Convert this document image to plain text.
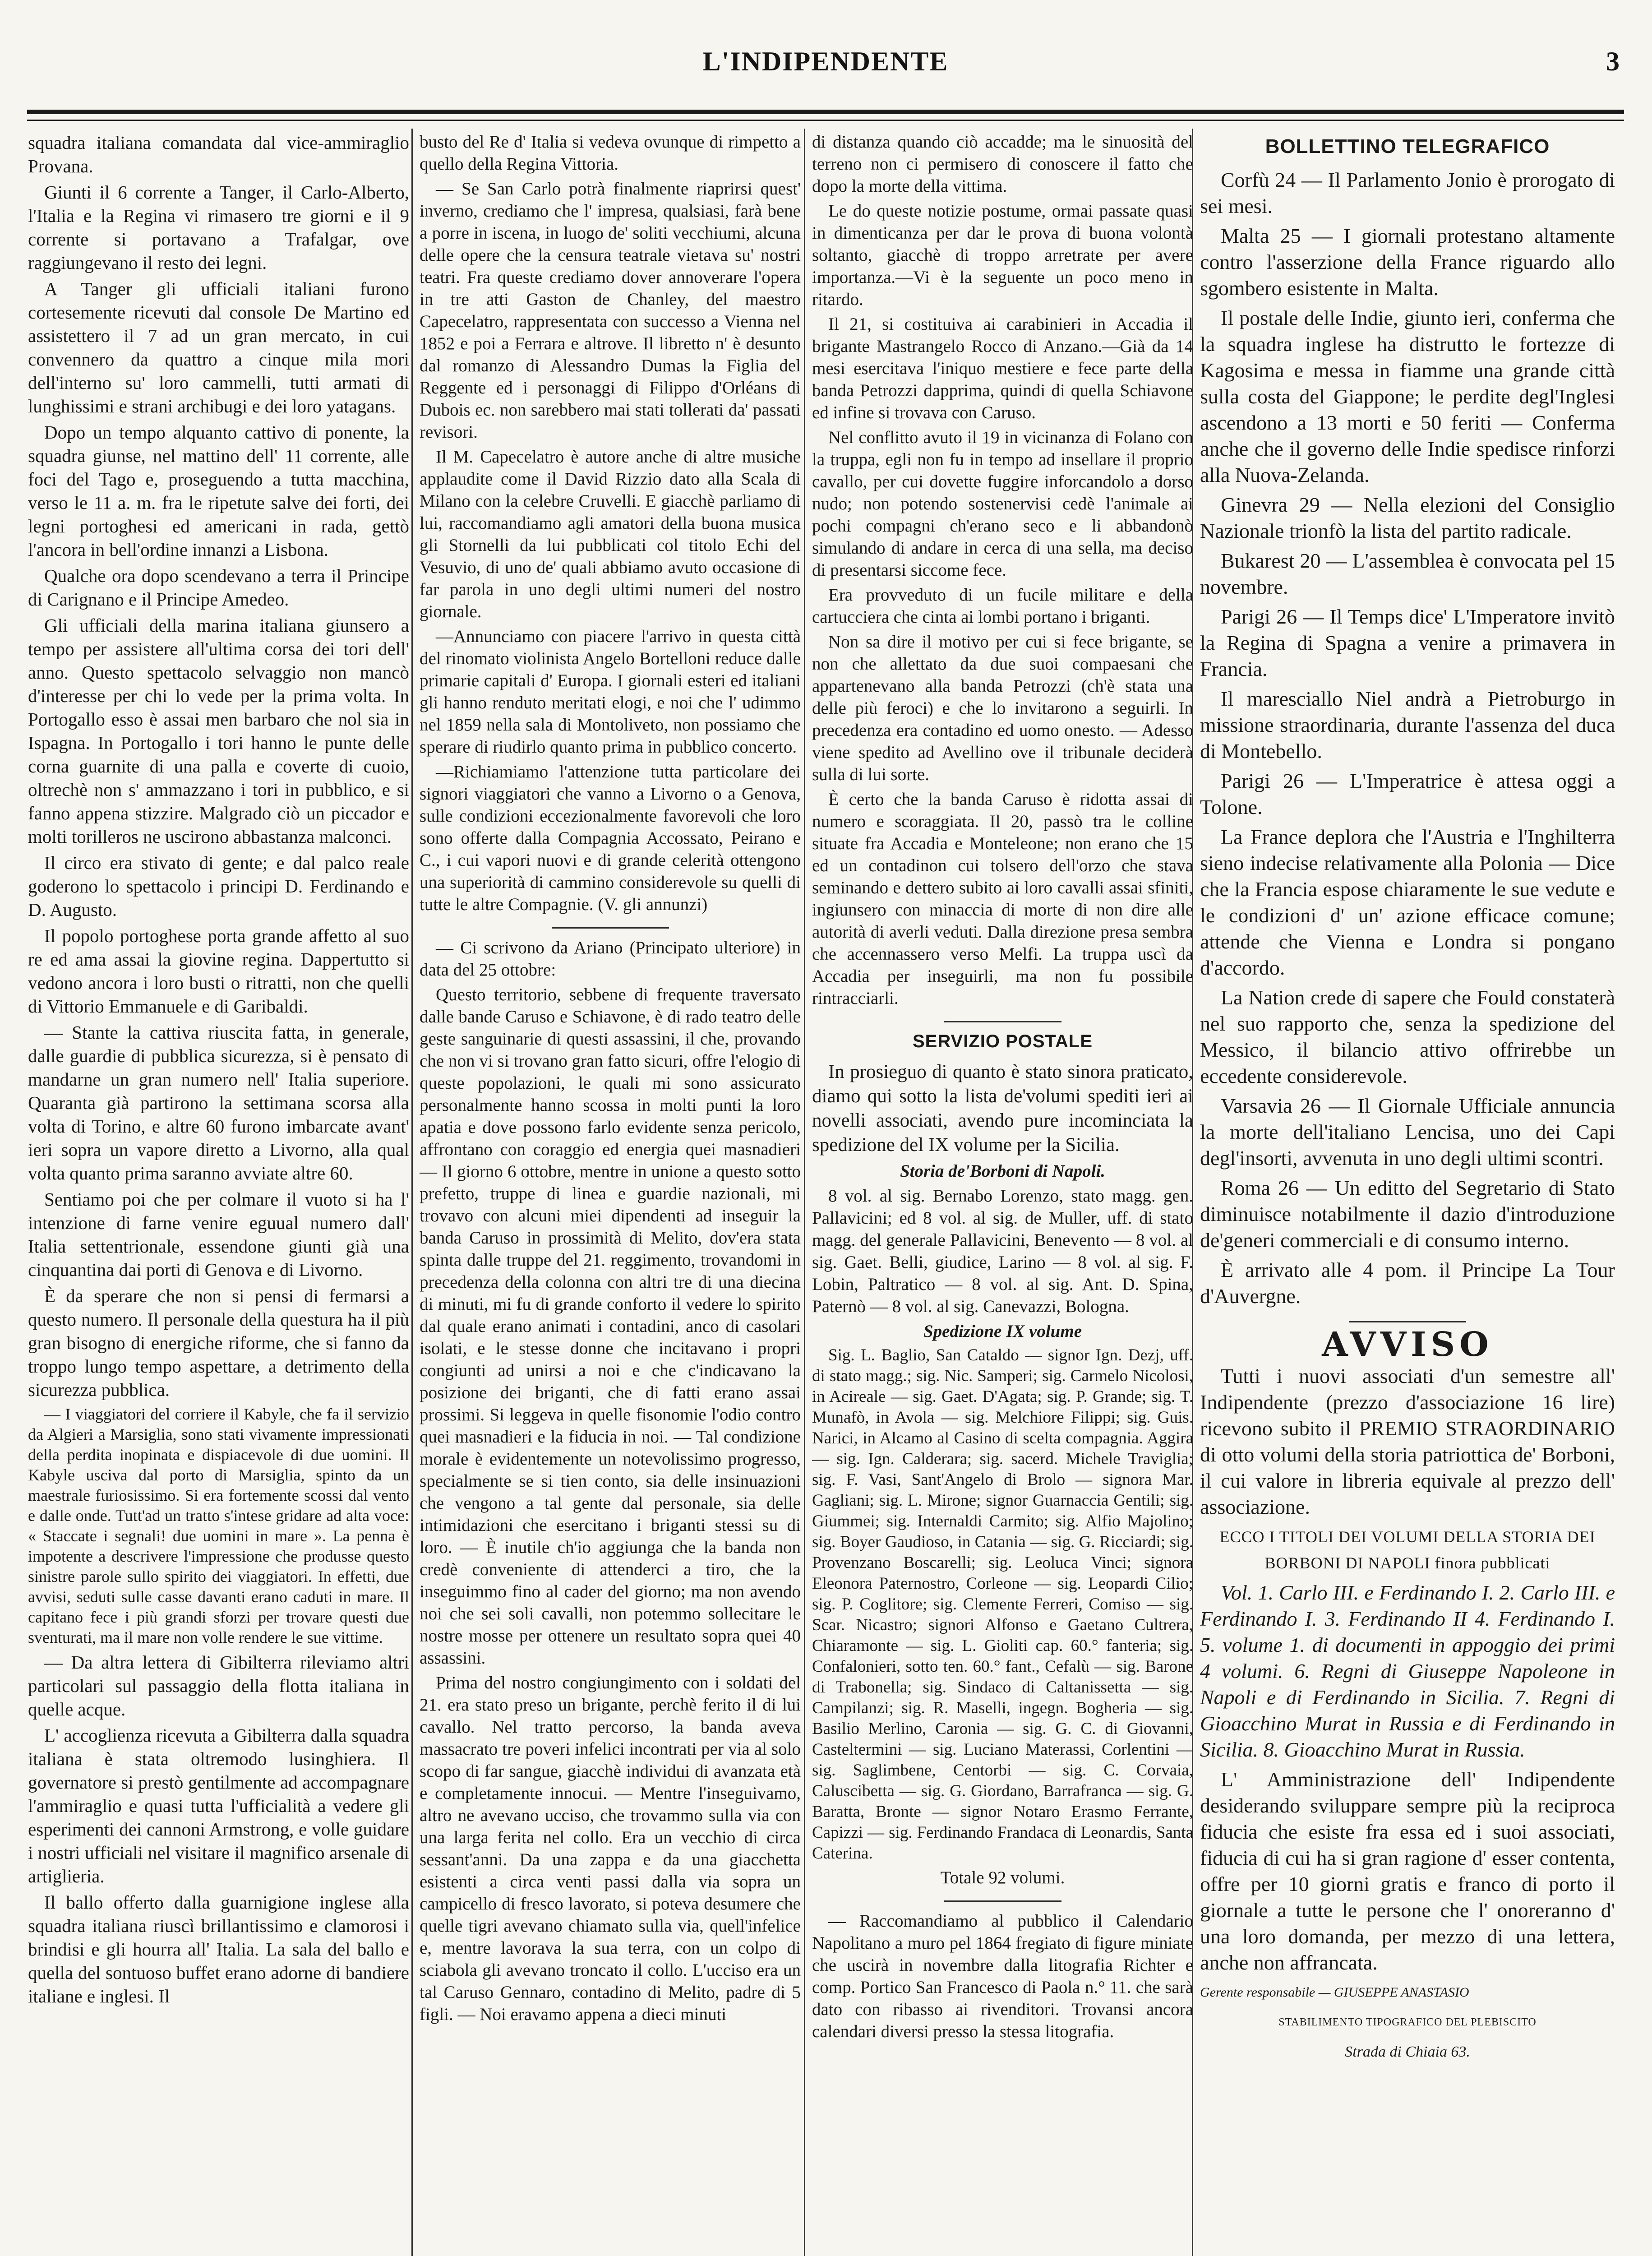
L'INDIPENDENTE	3

squadra italiana comandata dal vice-ammiraglio Provana.

Giunti il 6 corrente a Tanger, il Carlo-Alberto, l'Italia e la Regina vi rimasero tre giorni e il 9 corrente si portavano a Trafalgar, ove raggiungevano il resto dei legni.

A Tanger gli ufficiali italiani furono cortesemente ricevuti dal console De Martino ed assistettero il 7 ad un gran mercato, in cui convennero da quattro a cinque mila mori dell'interno su' loro cammelli, tutti armati di lunghissimi e strani archibugi e dei loro yatagans.

Dopo un tempo alquanto cattivo di ponente, la squadra giunse, nel mattino dell' 11 corrente, alle foci del Tago e, proseguendo a tutta macchina, verso le 11 a. m. fra le ripetute salve dei forti, dei legni portoghesi ed americani in rada, gettò l'ancora in bell'ordine innanzi a Lisbona.

Qualche ora dopo scendevano a terra il Principe di Carignano e il Principe Amedeo.

Gli ufficiali della marina italiana giunsero a tempo per assistere all'ultima corsa dei tori dell' anno. Questo spettacolo selvaggio non mancò d'interesse per chi lo vede per la prima volta. In Portogallo esso è assai men barbaro che nol sia in Ispagna. In Portogallo i tori hanno le punte delle corna guarnite di una palla e coverte di cuoio, oltrechè non s' ammazzano i tori in pubblico, e si fanno appena stizzire. Malgrado ciò un piccador e molti torilleros ne uscirono abbastanza malconci.

Il circo era stivato di gente; e dal palco reale goderono lo spettacolo i principi D. Ferdinando e D. Augusto.

Il popolo portoghese porta grande affetto al suo re ed ama assai la giovine regina. Dappertutto si vedono ancora i loro busti o ritratti, non che quelli di Vittorio Emmanuele e di Garibaldi.

— Stante la cattiva riuscita fatta, in generale, dalle guardie di pubblica sicurezza, si è pensato di mandarne un gran numero nell' Italia superiore. Quaranta già partirono la settimana scorsa alla volta di Torino, e altre 60 furono imbarcate avant' ieri sopra un vapore diretto a Livorno, alla qual volta quanto prima saranno avviate altre 60.

Sentiamo poi che per colmare il vuoto si ha l' intenzione di farne venire eguual numero dall' Italia settentrionale, essendone giunti già una cinquantina dai porti di Genova e di Livorno.

È da sperare che non si pensi di fermarsi a questo numero. Il personale della questura ha il più gran bisogno di energiche riforme, che si fanno da troppo lungo tempo aspettare, a detrimento della sicurezza pubblica.

— I viaggiatori del corriere il Kabyle, che fa il servizio da Algieri a Marsiglia, sono stati vivamente impressionati della perdita inopinata e dispiacevole di due uomini. Il Kabyle usciva dal porto di Marsiglia, spinto da un maestrale furiosissimo. Si era fortemente scossi dal vento e dalle onde. Tutt'ad un tratto s'intese gridare ad alta voce: « Staccate i segnali! due uomini in mare ». La penna è impotente a descrivere l'impressione che produsse questo sinistre parole sullo spirito dei viaggiatori. In effetti, due avvisi, seduti sulle casse davanti erano caduti in mare. Il capitano fece i più grandi sforzi per trovare questi due sventurati, ma il mare non volle rendere le sue vittime.

— Da altra lettera di Gibilterra rileviamo altri particolari sul passaggio della flotta italiana in quelle acque.

L' accoglienza ricevuta a Gibilterra dalla squadra italiana è stata oltremodo lusinghiera. Il governatore si prestò gentilmente ad accompagnare l'ammiraglio e quasi tutta l'ufficialità a vedere gli esperimenti dei cannoni Armstrong, e volle guidare i nostri ufficiali nel visitare il magnifico arsenale di artiglieria.

Il ballo offerto dalla guarnigione inglese alla squadra italiana riuscì brillantissimo e clamorosi i brindisi e gli hourra all' Italia. La sala del ballo e quella del sontuoso buffet erano adorne di bandiere italiane e inglesi. Il

busto del Re d' Italia si vedeva ovunque di rimpetto a quello della Regina Vittoria.

— Se San Carlo potrà finalmente riaprirsi quest' inverno, crediamo che l' impresa, qualsiasi, farà bene a porre in iscena, in luogo de' soliti vecchiumi, alcuna delle opere che la censura teatrale vietava su' nostri teatri. Fra queste crediamo dover annoverare l'opera in tre atti Gaston de Chanley, del maestro Capecelatro, rappresentata con successo a Vienna nel 1852 e poi a Ferrara e altrove. Il libretto n' è desunto dal romanzo di Alessandro Dumas la Figlia del Reggente ed i personaggi di Filippo d'Orléans di Dubois ec. non sarebbero mai stati tollerati da' passati revisori.

Il M. Capecelatro è autore anche di altre musiche applaudite come il David Rizzio dato alla Scala di Milano con la celebre Cruvelli. E giacchè parliamo di lui, raccomandiamo agli amatori della buona musica gli Stornelli da lui pubblicati col titolo Echi del Vesuvio, di uno de' quali abbiamo avuto occasione di far parola in uno degli ultimi numeri del nostro giornale.

—Annunciamo con piacere l'arrivo in questa città del rinomato violinista Angelo Bortelloni reduce dalle primarie capitali d' Europa. I giornali esteri ed italiani gli hanno renduto meritati elogi, e noi che l' udimmo nel 1859 nella sala di Montoliveto, non possiamo che sperare di riudirlo quanto prima in pubblico concerto.

—Richiamiamo l'attenzione tutta particolare dei signori viaggiatori che vanno a Livorno o a Genova, sulle condizioni eccezionalmente favorevoli che loro sono offerte dalla Compagnia Accossato, Peirano e C., i cui vapori nuovi e di grande celerità ottengono una superiorità di cammino considerevole su quelli di tutte le altre Compagnie. (V. gli annunzi)

— Ci scrivono da Ariano (Principato ulteriore) in data del 25 ottobre:

Questo territorio, sebbene di frequente traversato dalle bande Caruso e Schiavone, è di rado teatro delle geste sanguinarie di questi assassini, il che, provando che non vi si trovano gran fatto sicuri, offre l'elogio di queste popolazioni, le quali mi sono assicurato personalmente hanno scossa in molti punti la loro apatia e dove possono farlo evidente senza pericolo, affrontano con coraggio ed energia quei masnadieri — Il giorno 6 ottobre, mentre in unione a questo sotto prefetto, truppe di linea e guardie nazionali, mi trovavo con alcuni miei dipendenti ad inseguir la banda Caruso in prossimità di Melito, dov'era stata spinta dalle truppe del 21. reggimento, trovandomi in precedenza della colonna con altri tre di una diecina di minuti, mi fu di grande conforto il vedere lo spirito dal quale erano animati i contadini, anco di casolari isolati, e le stesse donne che incitavano i propri congiunti ad unirsi a noi e che c'indicavano la posizione dei briganti, che di fatti erano assai prossimi. Si leggeva in quelle fisonomie l'odio contro quei masnadieri e la fiducia in noi. — Tal condizione morale è evidentemente un notevolissimo progresso, specialmente se si tien conto, sia delle insinuazioni che vengono a tal gente dal personale, sia delle intimidazioni che esercitano i briganti stessi su di loro. — È inutile ch'io aggiunga che la banda non credè conveniente di attenderci a tiro, che la inseguimmo fino al cader del giorno; ma non avendo noi che sei soli cavalli, non potemmo sollecitare le nostre mosse per ottenere un resultato sopra quei 40 assassini.

Prima del nostro congiungimento con i soldati del 21. era stato preso un brigante, perchè ferito il di lui cavallo. Nel tratto percorso, la banda aveva massacrato tre poveri infelici incontrati per via al solo scopo di far sangue, giacchè individui di avanzata età e completamente innocui. — Mentre l'inseguivamo, altro ne avevano ucciso, che trovammo sulla via con una larga ferita nel collo. Era un vecchio di circa sessant'anni. Da una zappa e da una giacchetta esistenti a circa venti passi dalla via sopra un campicello di fresco lavorato, si poteva desumere che quelle tigri avevano chiamato sulla via, quell'infelice e, mentre lavorava la sua terra, con un colpo di sciabola gli avevano troncato il collo. L'ucciso era un tal Caruso Gennaro, contadino di Melito, padre di 5 figli. — Noi eravamo appena a dieci minuti

di distanza quando ciò accadde; ma le sinuosità del terreno non ci permisero di conoscere il fatto che dopo la morte della vittima.

Le do queste notizie postume, ormai passate quasi in dimenticanza per dar le prova di buona volontà soltanto, giacchè di troppo arretrate per avere importanza.—Vi è la seguente un poco meno in ritardo.

Il 21, si costituiva ai carabinieri in Accadia il brigante Mastrangelo Rocco di Anzano.—Già da 14 mesi esercitava l'iniquo mestiere e fece parte della banda Petrozzi dapprima, quindi di quella Schiavone ed infine si trovava con Caruso.

Nel conflitto avuto il 19 in vicinanza di Folano con la truppa, egli non fu in tempo ad insellare il proprio cavallo, per cui dovette fuggire inforcandolo a dorso nudo; non potendo sostenervisi cedè l'animale ai pochi compagni ch'erano seco e li abbandonò simulando di andare in cerca di una sella, ma deciso di presentarsi siccome fece.

Era provveduto di un fucile militare e della cartucciera che cinta ai lombi portano i briganti.

Non sa dire il motivo per cui si fece brigante, se non che allettato da due suoi compaesani che appartenevano alla banda Petrozzi (ch'è stata una delle più feroci) e che lo invitarono a seguirli. In precedenza era contadino ed uomo onesto. — Adesso viene spedito ad Avellino ove il tribunale deciderà sulla di lui sorte.

È certo che la banda Caruso è ridotta assai di numero e scoraggiata. Il 20, passò tra le colline situate fra Accadia e Monteleone; non erano che 15 ed un contadinon cui tolsero dell'orzo che stava seminando e dettero subito ai loro cavalli assai sfiniti, ingiunsero con minaccia di morte di non dire alle autorità di averli veduti. Dalla direzione presa sembra che accennassero verso Melfi. La truppa uscì da Accadia per inseguirli, ma non fu possibile rintracciarli.

SERVIZIO POSTALE

In prosieguo di quanto è stato sinora praticato, diamo qui sotto la lista de'volumi spediti ieri ai novelli associati, avendo pure incominciata la spedizione del IX volume per la Sicilia.

Storia de'Borboni di Napoli.

8 vol. al sig. Bernabo Lorenzo, stato magg. gen. Pallavicini; ed 8 vol. al sig. de Muller, uff. di stato magg. del generale Pallavicini, Benevento — 8 vol. al sig. Gaet. Belli, giudice, Larino — 8 vol. al sig. F. Lobin, Paltratico — 8 vol. al sig. Ant. D. Spina, Paternò — 8 vol. al sig. Canevazzi, Bologna.

Spedizione IX volume

Sig. L. Baglio, San Cataldo — signor Ign. Dezj, uff. di stato magg.; sig. Nic. Samperi; sig. Carmelo Nicolosi, in Acireale — sig. Gaet. D'Agata; sig. P. Grande; sig. T. Munafò, in Avola — sig. Melchiore Filippi; sig. Guis. Narici, in Alcamo al Casino di scelta compagnia. Aggira — sig. Ign. Calderara; sig. sacerd. Michele Traviglia; sig. F. Vasi, Sant'Angelo di Brolo — signora Mar. Gagliani; sig. L. Mirone; signor Guarnaccia Gentili; sig. Giummei; sig. Internaldi Carmito; sig. Alfio Majolino; sig. Boyer Gaudioso, in Catania — sig. G. Ricciardi; sig. Provenzano Boscarelli; sig. Leoluca Vinci; signora Eleonora Paternostro, Corleone — sig. Leopardi Cilio; sig. P. Coglitore; sig. Clemente Ferreri, Comiso — sig. Scar. Nicastro; signori Alfonso e Gaetano Cultrera, Chiaramonte — sig. L. Gioliti cap. 60.° fanteria; sig. Confalonieri, sotto ten. 60.° fant., Cefalù — sig. Barone di Trabonella; sig. Sindaco di Caltanissetta — sig. Campilanzi; sig. R. Maselli, ingegn. Bogheria — sig. Basilio Merlino, Caronia — sig. G. C. di Giovanni, Casteltermini — sig. Luciano Materassi, Corlentini — sig. Saglimbene, Centorbi — sig. C. Corvaia, Caluscibetta — sig. G. Giordano, Barrafranca — sig. G. Baratta, Bronte — signor Notaro Erasmo Ferrante, Capizzi — sig. Ferdinando Frandaca di Leonardis, Santa Caterina.

Totale 92 volumi.

— Raccomandiamo al pubblico il Calendario Napolitano a muro pel 1864 fregiato di figure miniate che uscirà in novembre dalla litografia Richter e comp. Portico San Francesco di Paola n.° 11. che sarà dato con ribasso ai rivenditori. Trovansi ancora calendari diversi presso la stessa litografia.

BOLLETTINO TELEGRAFICO

Corfù 24 — Il Parlamento Jonio è prorogato di sei mesi.

Malta 25 — I giornali protestano altamente contro l'asserzione della France riguardo allo sgombero esistente in Malta.

Il postale delle Indie, giunto ieri, conferma che la squadra inglese ha distrutto le fortezze di Kagosima e messa in fiamme una grande città sulla costa del Giappone; le perdite degl'Inglesi ascendono a 13 morti e 50 feriti — Conferma anche che il governo delle Indie spedisce rinforzi alla Nuova-Zelanda.

Ginevra 29 — Nella elezioni del Consiglio Nazionale trionfò la lista del partito radicale.

Bukarest 20 — L'assemblea è convocata pel 15 novembre.

Parigi 26 — Il Temps dice' L'Imperatore invitò la Regina di Spagna a venire a primavera in Francia.

Il maresciallo Niel andrà a Pietroburgo in missione straordinaria, durante l'assenza del duca di Montebello.

Parigi 26 — L'Imperatrice è attesa oggi a Tolone.

La France deplora che l'Austria e l'Inghilterra sieno indecise relativamente alla Polonia — Dice che la Francia espose chiaramente le sue vedute e le condizioni d' un' azione efficace comune; attende che Vienna e Londra si pongano d'accordo.

La Nation crede di sapere che Fould constaterà nel suo rapporto che, senza la spedizione del Messico, il bilancio attivo offrirebbe un eccedente considerevole.

Varsavia 26 — Il Giornale Ufficiale annuncia la morte dell'italiano Lencisa, uno dei Capi degl'insorti, avvenuta in uno degli ultimi scontri.

Roma 26 — Un editto del Segretario di Stato diminuisce notabilmente il dazio d'introduzione de'generi commerciali e di consumo interno.

È arrivato alle 4 pom. il Principe La Tour d'Auvergne.

AVVISO

Tutti i nuovi associati d'un semestre all' Indipendente (prezzo d'associazione 16 lire) ricevono subito il PREMIO STRAORDINARIO di otto volumi della storia patriottica de' Borboni, il cui valore in libreria equivale al prezzo dell' associazione.

ECCO I TITOLI DEI VOLUMI DELLA STORIA DEI BORBONI DI NAPOLI finora pubblicati

Vol. 1. Carlo III. e Ferdinando I. 2. Carlo III. e Ferdinando I. 3. Ferdinando II 4. Ferdinando I. 5. volume 1. di documenti in appoggio dei primi 4 volumi. 6. Regni di Giuseppe Napoleone in Napoli e di Ferdinando in Sicilia. 7. Regni di Gioacchino Murat in Russia e di Ferdinando in Sicilia. 8. Gioacchino Murat in Russia.

L' Amministrazione dell' Indipendente desiderando sviluppare sempre più la reciproca fiducia che esiste fra essa ed i suoi associati, fiducia di cui ha si gran ragione d' esser contenta, offre per 10 giorni gratis e franco di porto il giornale a tutte le persone che l' onoreranno d' una loro domanda, per mezzo di una lettera, anche non affrancata.

Gerente responsabile — GIUSEPPE ANASTASIO

STABILIMENTO TIPOGRAFICO DEL PLEBISCITO

Strada di Chiaia 63.
